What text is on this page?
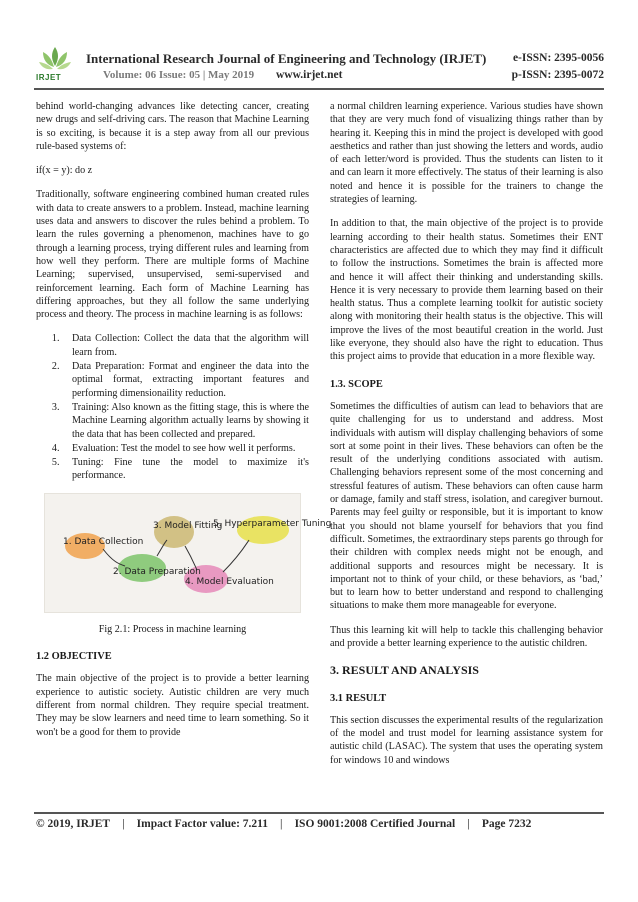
IRJET
International Research Journal of Engineering and Technology (IRJET) e-ISSN: 2395-0056
Volume: 06 Issue: 05 | May 2019 www.irjet.net	p-ISSN: 2395-0072

behind world-changing advances like detecting cancer, creating new drugs and self-driving cars. The reason that Machine Learning is so exciting, is because it is a step away from all our previous rule-based systems of:

if(x = y): do z

Traditionally, software engineering combined human created rules with data to create answers to a problem. Instead, machine learning uses data and answers to discover the rules behind a problem. To learn the rules governing a phenomenon, machines have to go through a learning process, trying different rules and learning from how well they perform. There are multiple forms of Machine Learning; supervised, unsupervised, semi-supervised and reinforcement learning. Each form of Machine Learning has differing approaches, but they all follow the same underlying process and theory. The process in machine learning is as follows:

1. Data Collection: Collect the data that the algorithm will learn from.
2. Data Preparation: Format and engineer the data into the optimal format, extracting important features and performing dimensionaility reduction.
3. Training: Also known as the fitting stage, this is where the Machine Learning algorithm actually learns by showing it the data that has been collected and prepared.
4. Evaluation: Test the model to see how well it performs.
5. Tuning: Fine tune the model to maximize it's performance.
1. Data Collection
2. Data Preparation
3. Model Fitting
4. Model Evaluation
5. Hyperparameter Tuning
Fig 2.1: Process in machine learning
1.2 OBJECTIVE

The main objective of the project is to provide a better learning experience to autistic society. Autistic children are very much different from normal children. They require special treatment. They may be slow learners and need time to learn something. So it won't be a good for them to provide

a normal children learning experience. Various studies have shown that they are very much fond of visualizing things rather than by hearing it. Keeping this in mind the project is developed with good aesthetics and rather than just showing the letters and words, audio of each letter/word is provided. Thus the students can listen to it and can learn it more effectively. The status of their learning is also noted and hence it is possible for the trainers to change the strategies of learning.

In addition to that, the main objective of the project is to provide learning according to their health status. Sometimes their ENT characteristics are affected due to which they may find it difficult to follow the instructions. Sometimes the brain is affected more and hence it will affect their thinking and understanding skills. Hence it is very necessary to provide them learning based on their health status. Thus a complete learning toolkit for autistic society along with monitoring their health status is the objective. This will improve the lives of the most beautiful creation in the world. Just like everyone, they should also have the right to education. Thus this project aims to provide that education in a more flexible way.

1.3. SCOPE

Sometimes the difficulties of autism can lead to behaviors that are quite challenging for us to understand and address. Most individuals with autism will display challenging behaviors of some sort at some point in their lives. These behaviors can often be the result of the underlying conditions associated with autism. Challenging behaviors represent some of the most concerning and stressful features of autism. These behaviors can often cause harm or damage, family and staff stress, isolation, and caregiver burnout. Parents may feel guilty or responsible, but it is important to know that you should not blame yourself for behaviors that you find difficult. Sometimes, the extraordinary steps parents go through for their children with complex needs might not be enough, and additional supports and resources might be necessary. It is important not to think of your child, or these behaviors, as ‘bad,’ but to learn how to better understand and respond to challenging situations to make them more manageable for everyone.

Thus this learning kit will help to tackle this challenging behavior and provide a better learning experience to the autistic children.

3. RESULT AND ANALYSIS
3.1 RESULT

This section discusses the experimental results of the regularization of the model and trust model for learning assistance system for autistic child (LASAC). The system that uses the operating system for windows 10 and windows

© 2019, IRJET | Impact Factor value: 7.211 | ISO 9001:2008 Certified Journal | Page 7232
